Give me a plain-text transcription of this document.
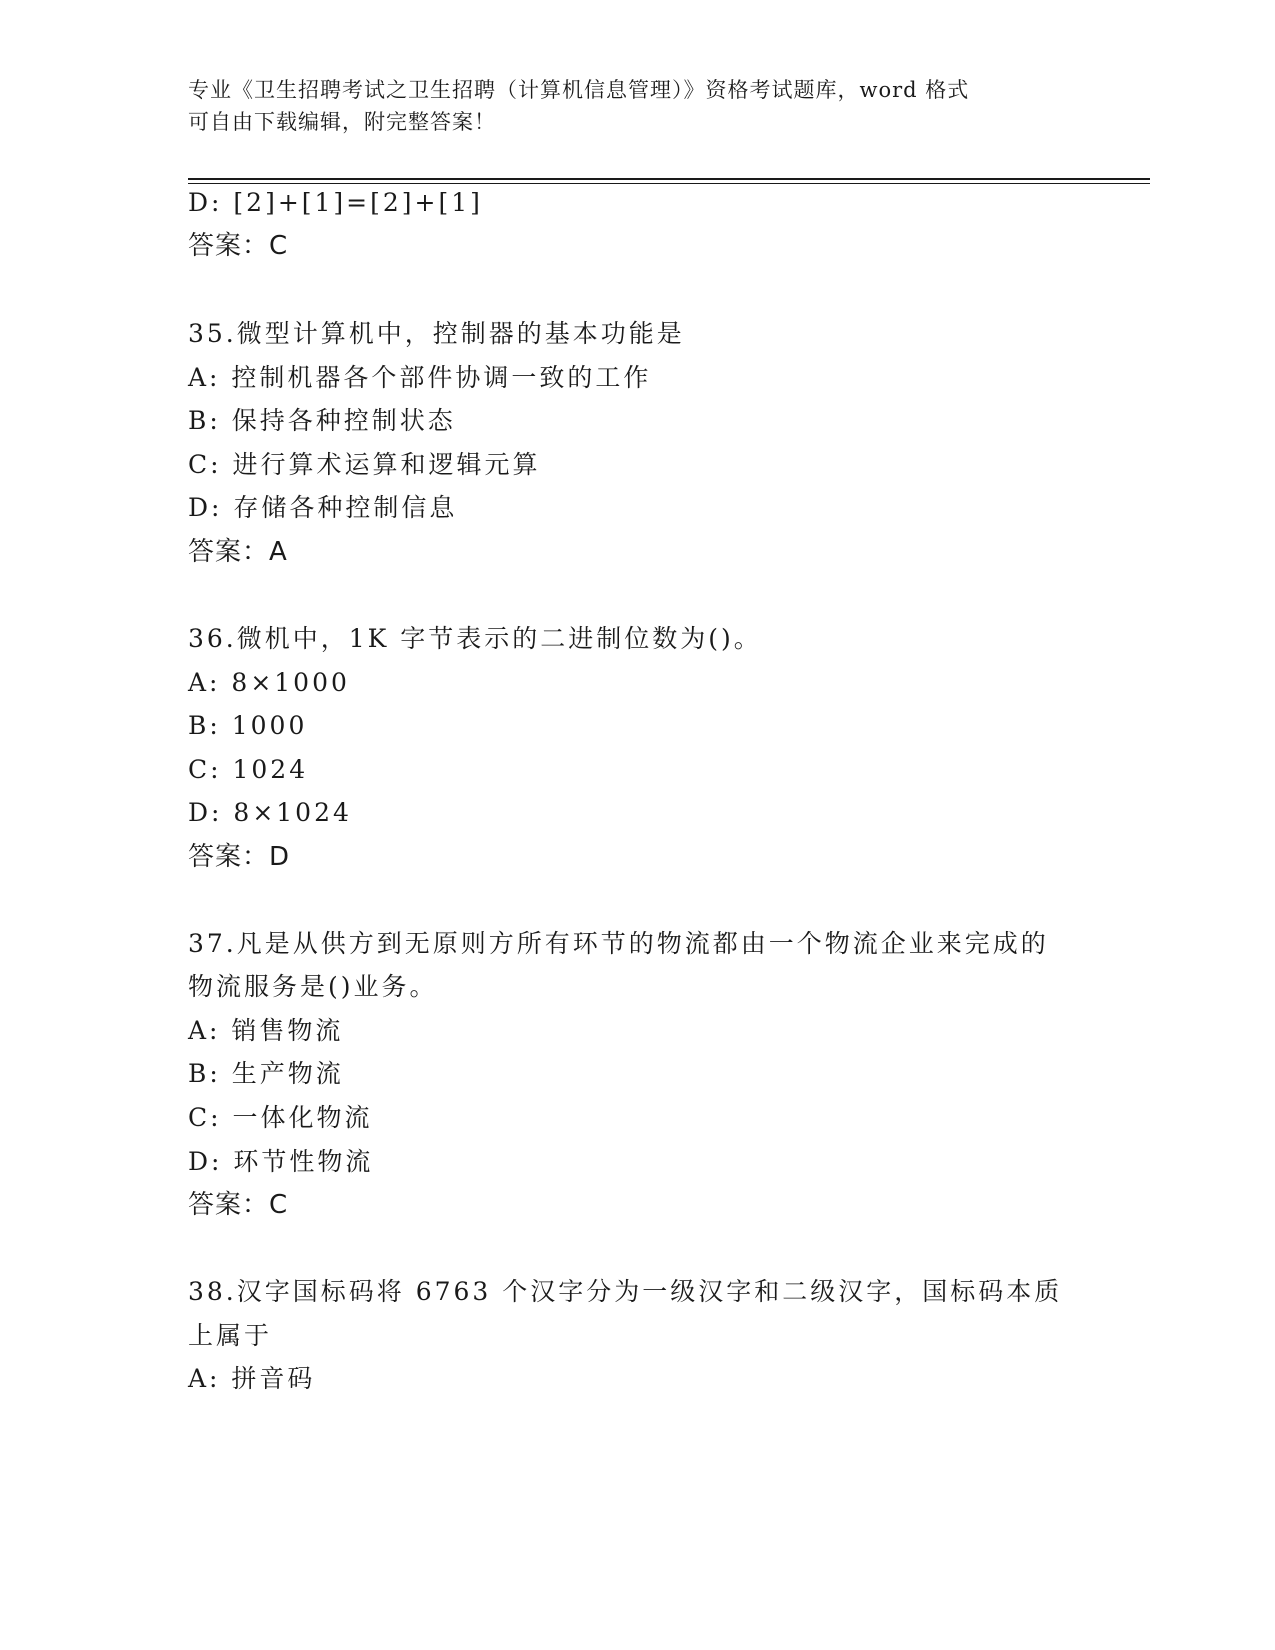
专业《卫生招聘考试之卫生招聘（计算机信息管理）》资格考试题库，word 格式
可自由下载编辑，附完整答案！
D: [2]+[1]=[2]+[1]
答案：C
35.微型计算机中，控制器的基本功能是
A: 控制机器各个部件协调一致的工作
B: 保持各种控制状态
C: 进行算术运算和逻辑元算
D: 存储各种控制信息
答案：A
36.微机中，1K 字节表示的二进制位数为()。
A: 8×1000
B: 1000
C: 1024
D: 8×1024
答案：D
37.凡是从供方到无原则方所有环节的物流都由一个物流企业来完成的
物流服务是()业务。
A: 销售物流
B: 生产物流
C: 一体化物流
D: 环节性物流
答案：C
38.汉字国标码将 6763 个汉字分为一级汉字和二级汉字，国标码本质
上属于
A: 拼音码
